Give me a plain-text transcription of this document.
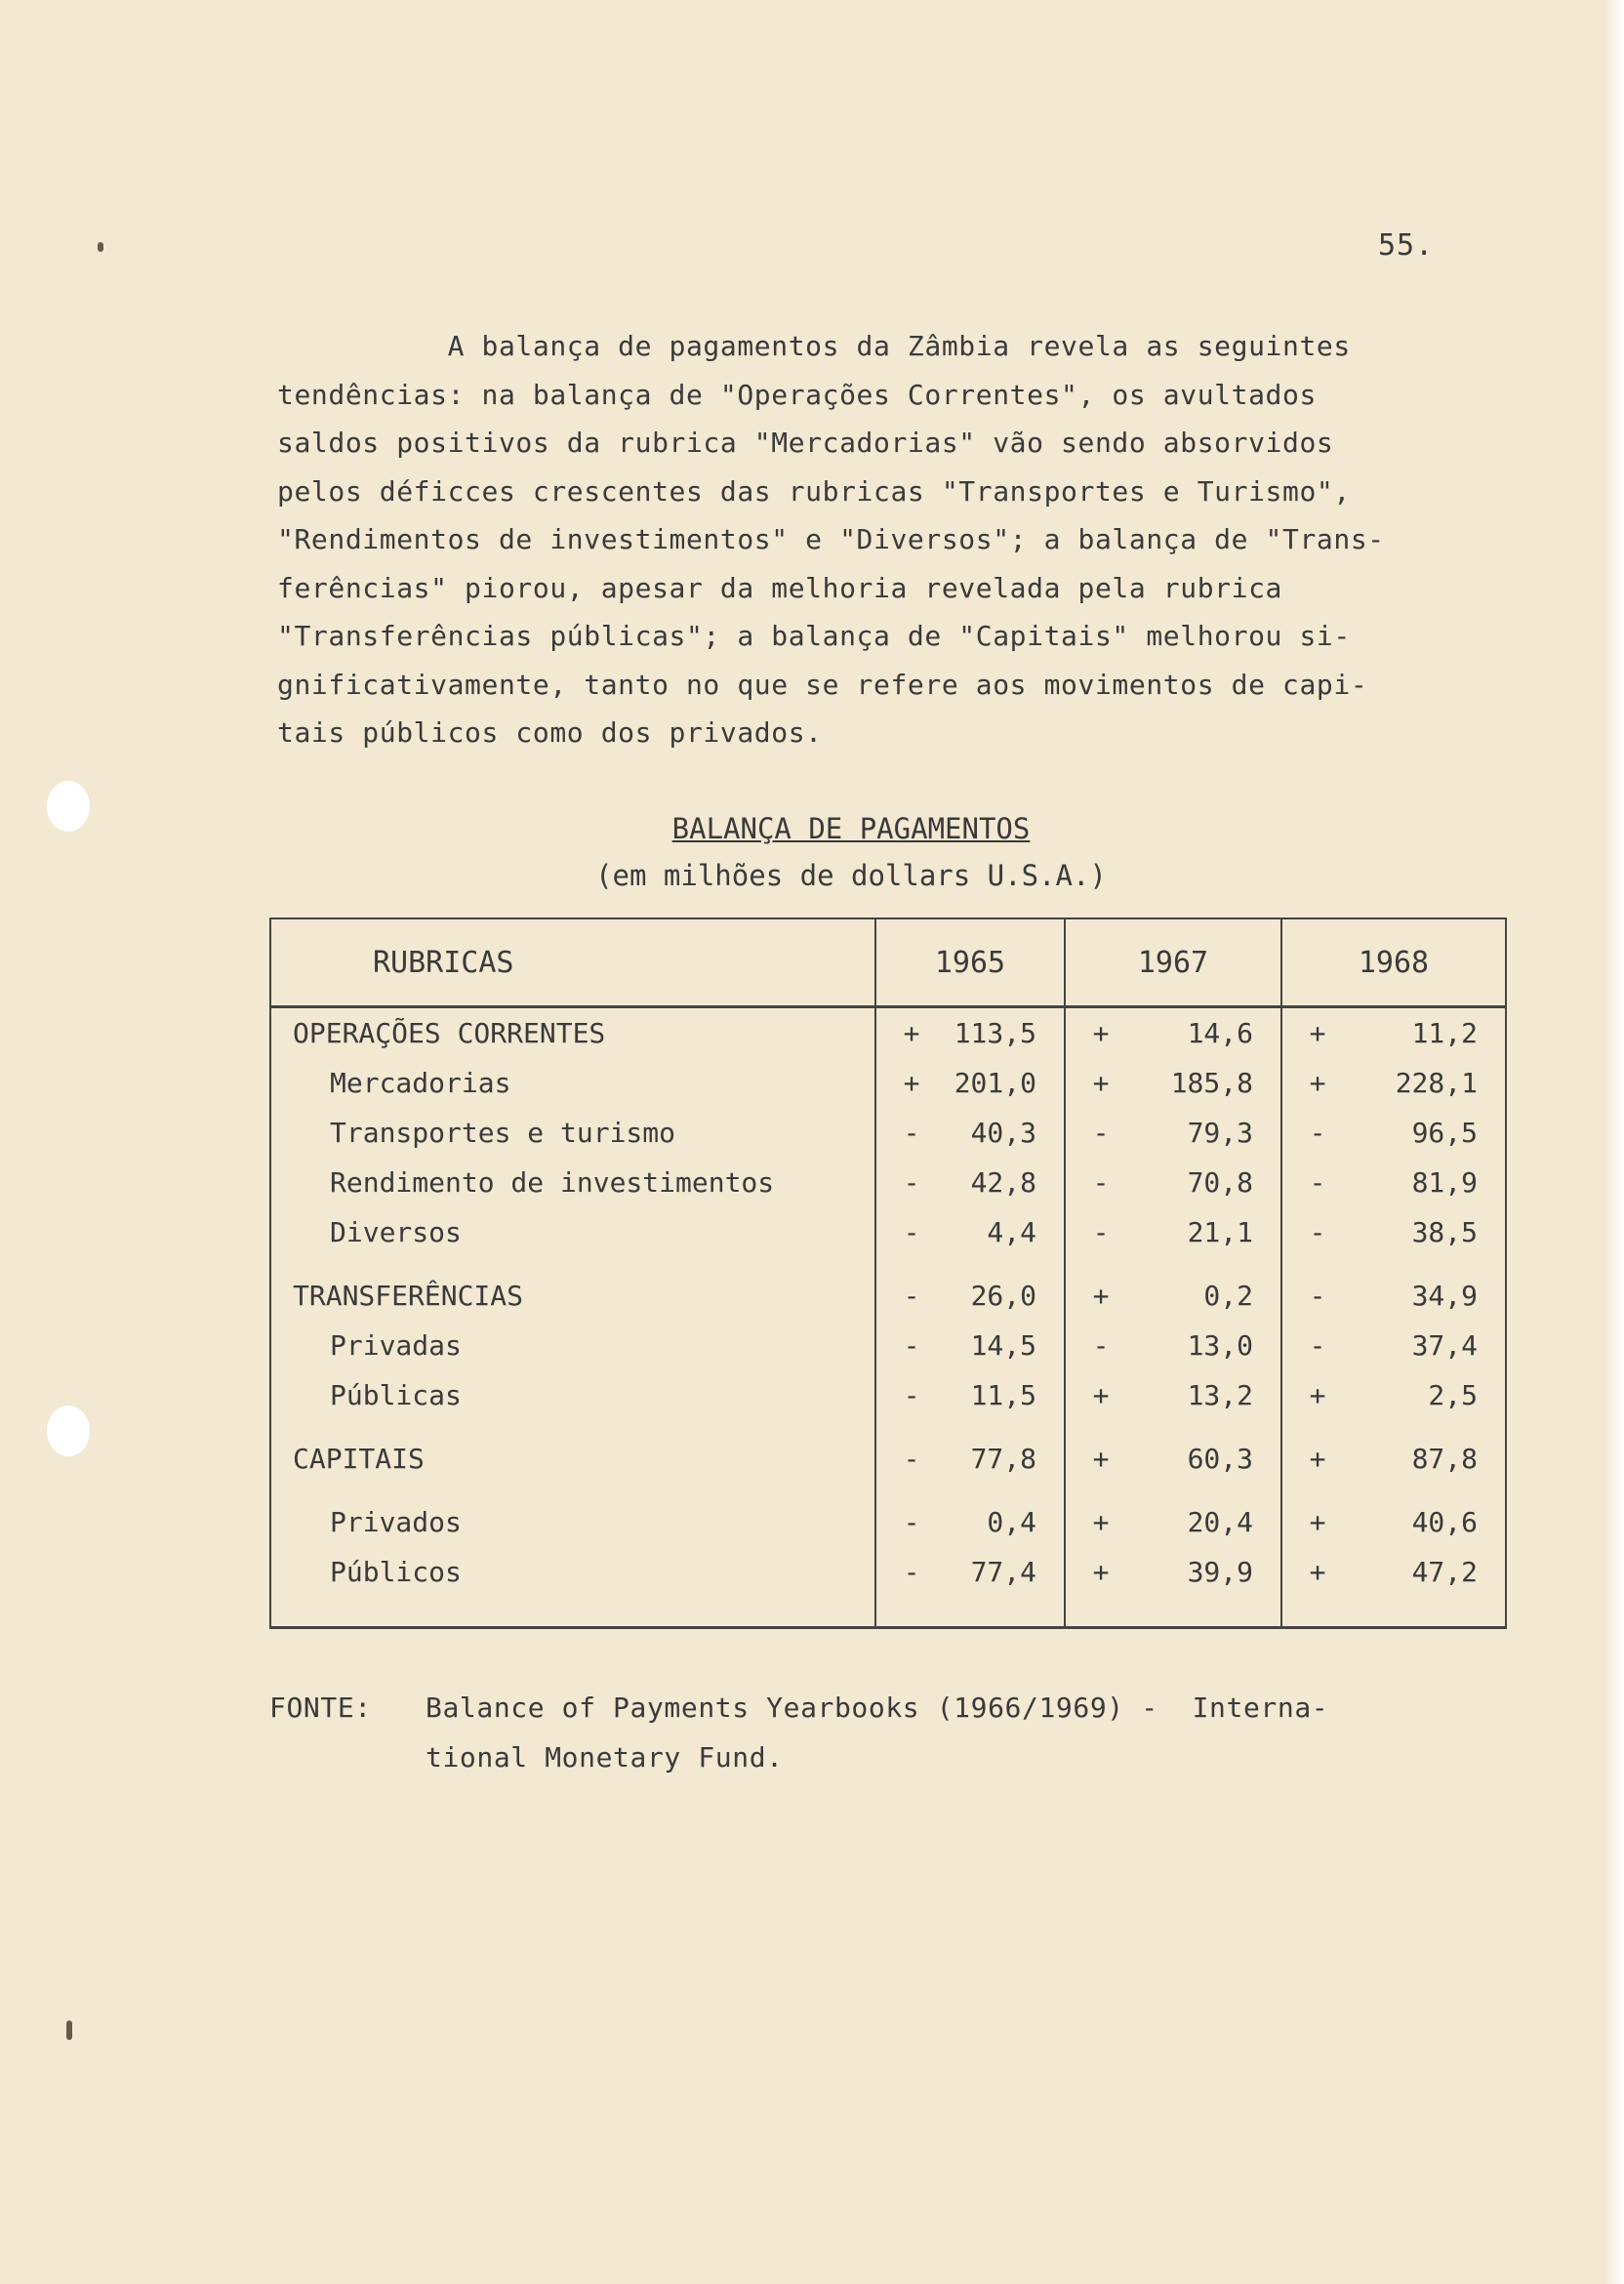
55.
A balança de pagamentos da Zâmbia revela as seguintes
tendências: na balança de "Operações Correntes", os avultados
saldos positivos da rubrica "Mercadorias" vão sendo absorvidos
pelos déficces crescentes das rubricas "Transportes e Turismo",
"Rendimentos de investimentos" e "Diversos"; a balança de "Trans-
ferências" piorou, apesar da melhoria revelada pela rubrica
"Transferências públicas"; a balança de "Capitais" melhorou si-
gnificativamente, tanto no que se refere aos movimentos de capi-
tais públicos como dos privados.
BALANÇA DE PAGAMENTOS
(em milhões de dollars U.S.A.)
RUBRICAS	1965	1967	1968
OPERAÇÕES CORRENTES	+ 113,5	+ 14,6	+ 11,2

Mercadorias	+ 201,0	+ 185,8	+ 228,1

Transportes e turismo	- 40,3	- 79,3	- 96,5

Rendimento de investimentos	- 42,8	- 70,8	- 81,9

Diversos	- 4,4	- 21,1	- 38,5

TRANSFERÊNCIAS	- 26,0	+ 0,2	- 34,9

Privadas	- 14,5	- 13,0	- 37,4

Públicas	- 11,5	+ 13,2	+ 2,5

CAPITAIS	- 77,8	+ 60,3	+ 87,8

Privados	- 0,4	+ 20,4	+ 40,6

Públicos	- 77,4	+ 39,9	+ 47,2
FONTE: Balance of Payments Yearbooks (1966/1969) -  Interna-
tional Monetary Fund.
